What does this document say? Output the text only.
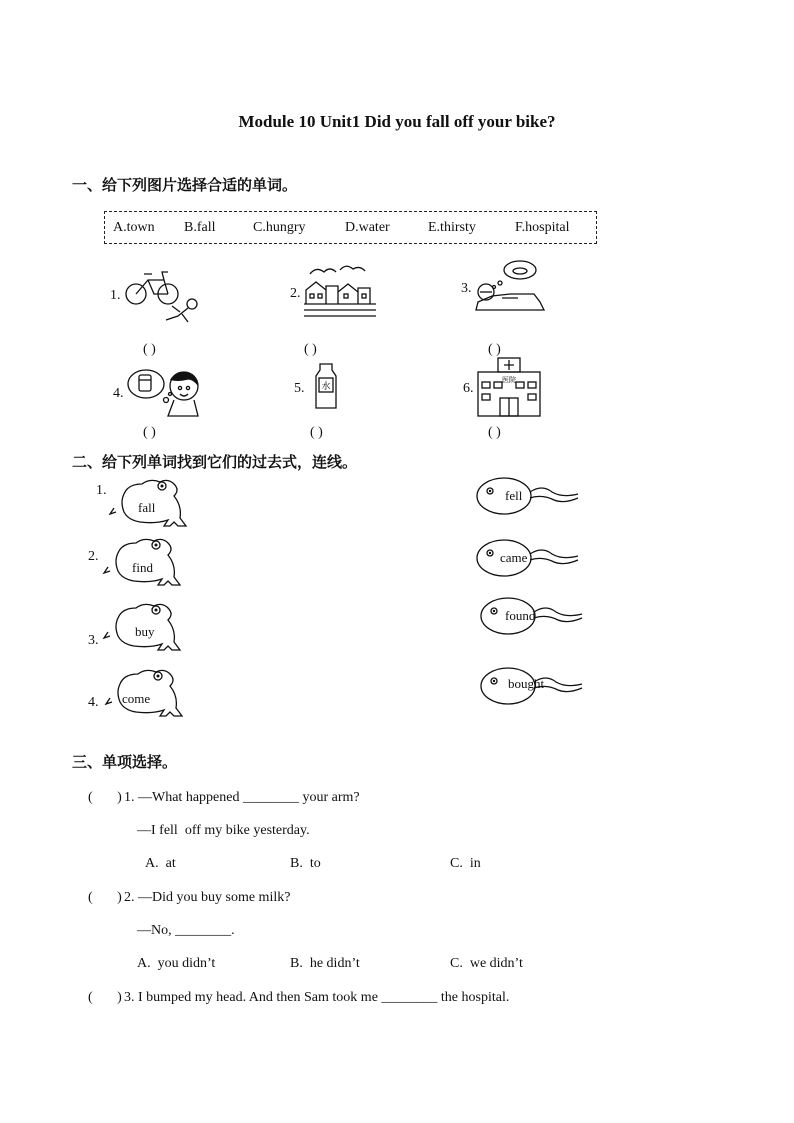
Module 10 Unit1 Did you fall off your bike?
一、给下列图片选择合适的单词。
A.town B.fall	C.hungry	D.water	E.thirsty	F.hospital
1.
( )
2.
( )
3.
( )
4.
( )
5. 水
( )
6.
医院
( )
二、给下列单词找到它们的过去式，连线。
1.
fall
2.
find
3.
buy
4. come
fell
came
found
bought
三、单项选择。
(       ) 1. —What happened ________ your arm?
—I fell  off my bike yesterday.
A.  at	B.  to	C.  in
(       ) 2. —Did you buy some milk?
—No, ________.
A.  you didn’t	B.  he didn’t	C.  we didn’t
(       ) 3. I bumped my head. And then Sam took me ________ the hospital.
